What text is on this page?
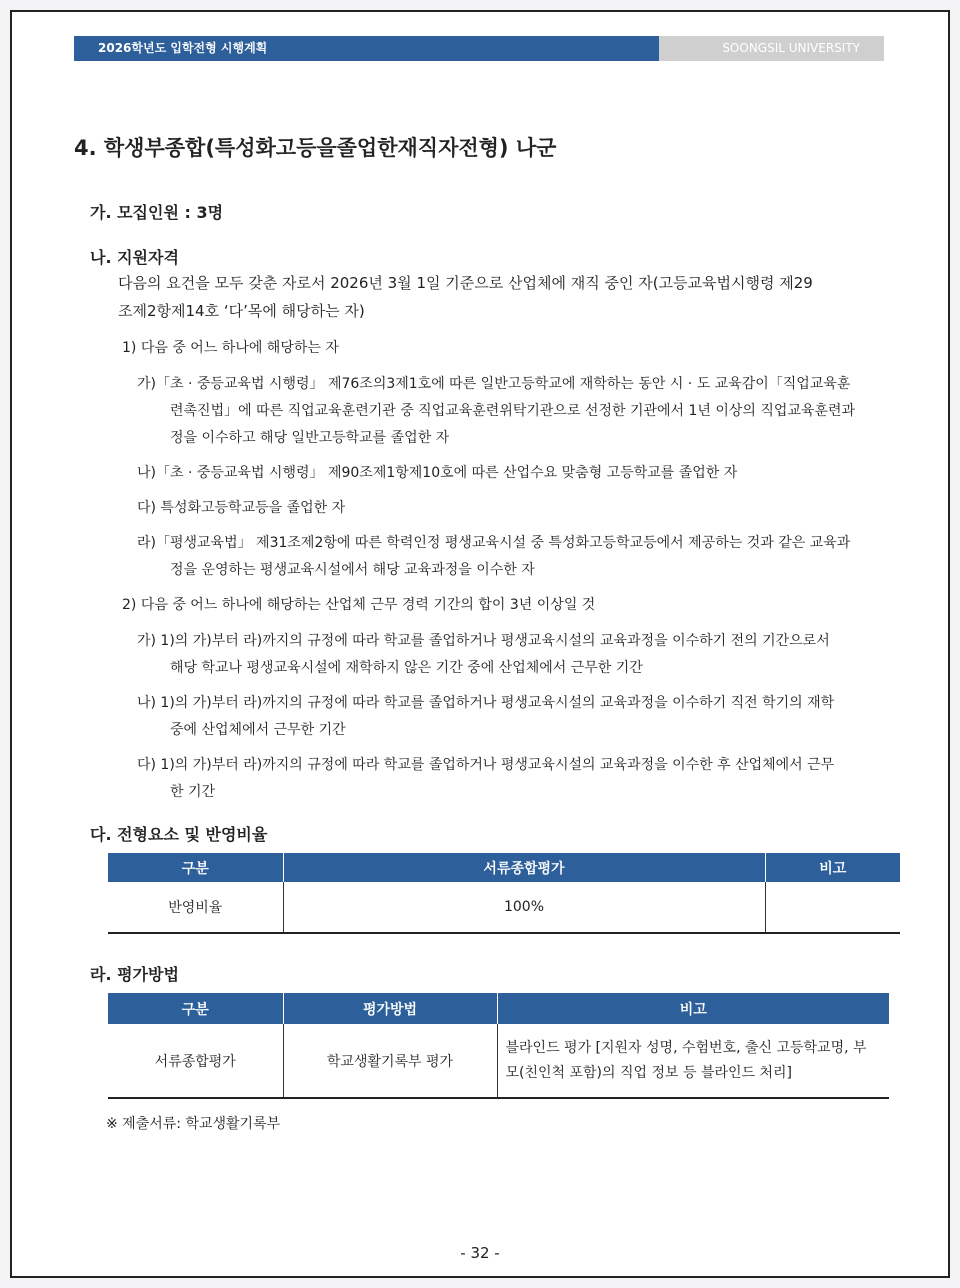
2026학년도 입학전형 시행계획	SOONGSIL UNIVERSITY
4. 학생부종합(특성화고등을졸업한재직자전형) 나군
가. 모집인원 : 3명
나. 지원자격
다음의 요건을 모두 갖춘 자로서 2026년 3월 1일 기준으로 산업체에 재직 중인 자(고등교육법시행령 제29
조제2항제14호 ‘다’목에 해당하는 자)
1) 다음 중 어느 하나에 해당하는 자
가)「초 · 중등교육법 시행령」 제76조의3제1호에 따른 일반고등학교에 재학하는 동안 시 · 도 교육감이「직업교육훈
련촉진법」에 따른 직업교육훈련기관 중 직업교육훈련위탁기관으로 선정한 기관에서 1년 이상의 직업교육훈련과
정을 이수하고 해당 일반고등학교를 졸업한 자
나)「초 · 중등교육법 시행령」 제90조제1항제10호에 따른 산업수요 맞춤형 고등학교를 졸업한 자
다) 특성화고등학교등을 졸업한 자
라)「평생교육법」 제31조제2항에 따른 학력인정 평생교육시설 중 특성화고등학교등에서 제공하는 것과 같은 교육과
정을 운영하는 평생교육시설에서 해당 교육과정을 이수한 자
2) 다음 중 어느 하나에 해당하는 산업체 근무 경력 기간의 합이 3년 이상일 것
가) 1)의 가)부터 라)까지의 규정에 따라 학교를 졸업하거나 평생교육시설의 교육과정을 이수하기 전의 기간으로서
해당 학교나 평생교육시설에 재학하지 않은 기간 중에 산업체에서 근무한 기간
나) 1)의 가)부터 라)까지의 규정에 따라 학교를 졸업하거나 평생교육시설의 교육과정을 이수하기 직전 학기의 재학
중에 산업체에서 근무한 기간
다) 1)의 가)부터 라)까지의 규정에 따라 학교를 졸업하거나 평생교육시설의 교육과정을 이수한 후 산업체에서 근무
한 기간
다. 전형요소 및 반영비율
구분	서류종합평가	비고
반영비율	100%	
라. 평가방법
구분	평가방법	비고
서류종합평가	학교생활기록부 평가	블라인드 평가 [지원자 성명, 수험번호, 출신 고등학교명, 부
모(친인척 포함)의 직업 정보 등 블라인드 처리]
※ 제출서류: 학교생활기록부
- 32 -
